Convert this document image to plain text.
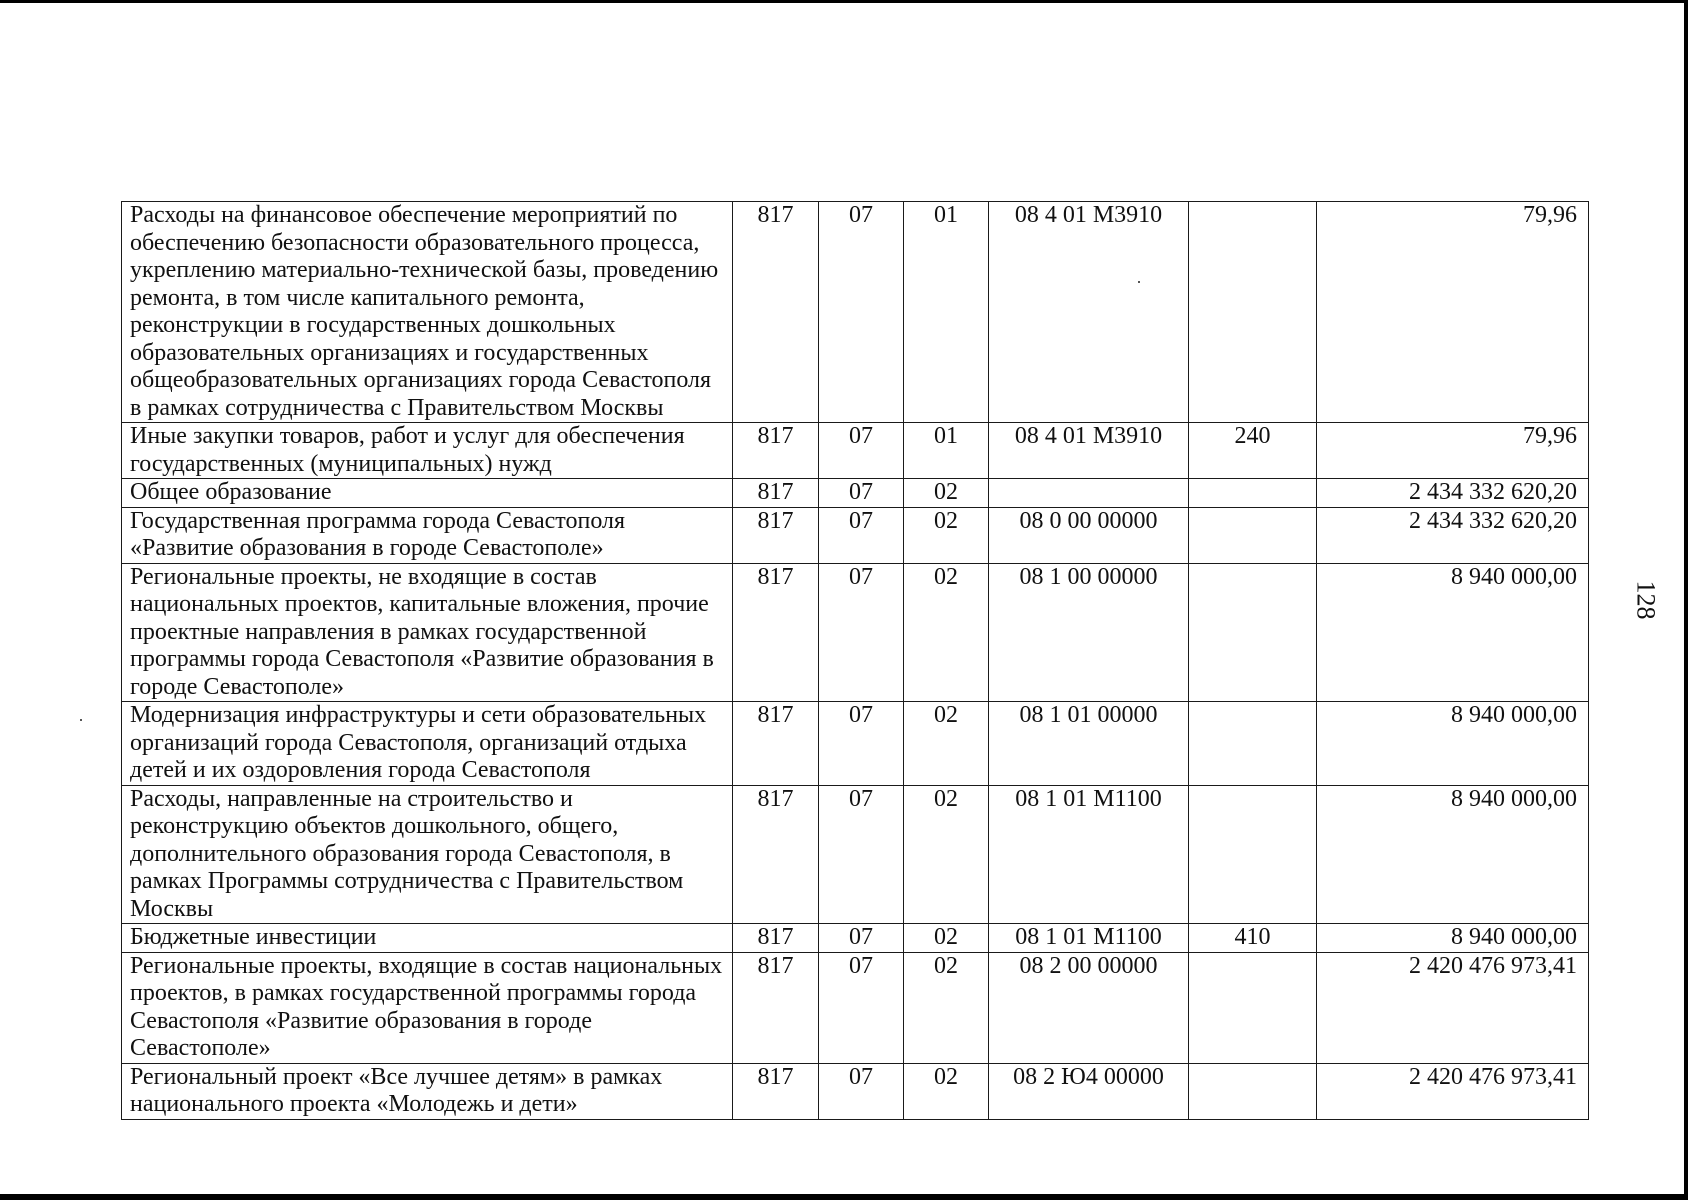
Расходы на финансовое обеспечение мероприятий по обеспечению безопасности образовательного процесса, укреплению материально-технической базы, проведению ремонта, в том числе капитального ремонта, реконструкции в государственных дошкольных образовательных организациях и государственных общеобразовательных организациях города Севастополя в рамках сотрудничества с Правительством Москвы	817	07	01	08 4 01 М3910		79,96
Иные закупки товаров, работ и услуг для обеспечения государственных (муниципальных) нужд	817	07	01	08 4 01 М3910	240	79,96
Общее образование	817	07	02			2 434 332 620,20
Государственная программа города Севастополя «Развитие образования в городе Севастополе»	817	07	02	08 0 00 00000		2 434 332 620,20
Региональные проекты, не входящие в состав национальных проектов, капитальные вложения, прочие проектные направления в рамках государственной программы города Севастополя «Развитие образования в городе Севастополе»	817	07	02	08 1 00 00000		8 940 000,00
Модернизация инфраструктуры и сети образовательных организаций города Севастополя, организаций отдыха детей и их оздоровления города Севастополя	817	07	02	08 1 01 00000		8 940 000,00
Расходы, направленные на строительство и реконструкцию объектов дошкольного, общего, дополнительного образования города Севастополя, в рамках Программы сотрудничества с Правительством Москвы	817	07	02	08 1 01 М1100		8 940 000,00
Бюджетные инвестиции	817	07	02	08 1 01 М1100	410	8 940 000,00
Региональные проекты, входящие в состав национальных проектов, в рамках государственной программы города Севастополя «Развитие образования в городе Севастополе»	817	07	02	08 2 00 00000		2 420 476 973,41
Региональный проект «Все лучшее детям» в рамках национального проекта «Молодежь и дети»	817	07	02	08 2 Ю4 00000		2 420 476 973,41
128
